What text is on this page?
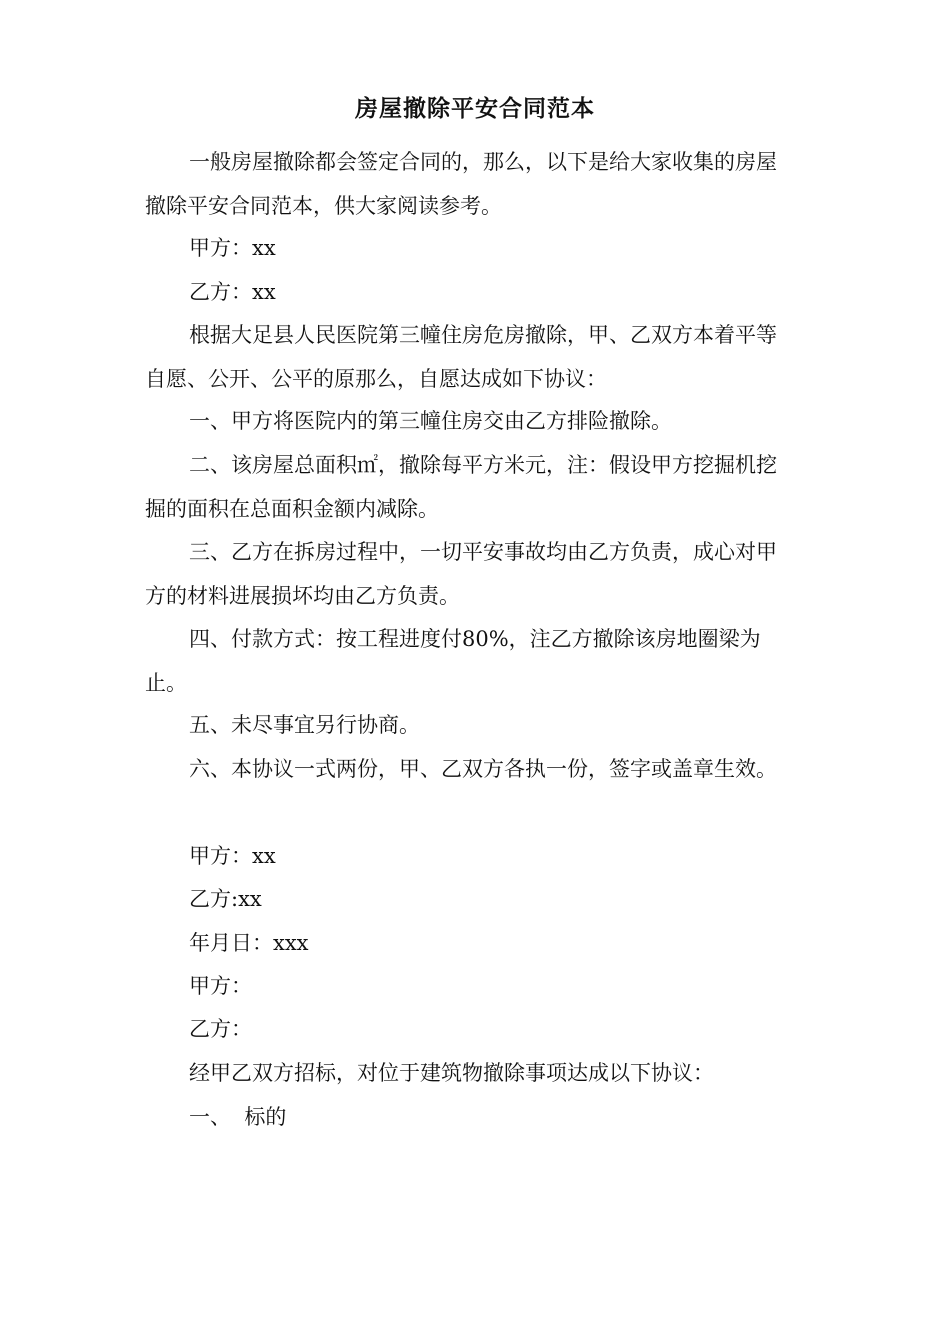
房屋撤除平安合同范本
一般房屋撤除都会签定合同的，那么，以下是给大家收集的房屋撤除平安合同范本，供大家阅读参考。
甲方：xx
乙方：xx
根据大足县人民医院第三幢住房危房撤除，甲、乙双方本着平等自愿、公开、公平的原那么，自愿达成如下协议：
一、甲方将医院内的第三幢住房交由乙方排险撤除。
二、该房屋总面积㎡，撤除每平方米元，注：假设甲方挖掘机挖掘的面积在总面积金额内减除。
三、乙方在拆房过程中，一切平安事故均由乙方负责，成心对甲方的材料进展损坏均由乙方负责。
四、付款方式：按工程进度付80%，注乙方撤除该房地圈梁为止。
五、未尽事宜另行协商。
六、本协议一式两份，甲、乙双方各执一份，签字或盖章生效。
甲方：xx
乙方:xx
年月日：xxx
甲方：
乙方：
经甲乙双方招标，对位于建筑物撤除事项达成以下协议：
一、  标的
